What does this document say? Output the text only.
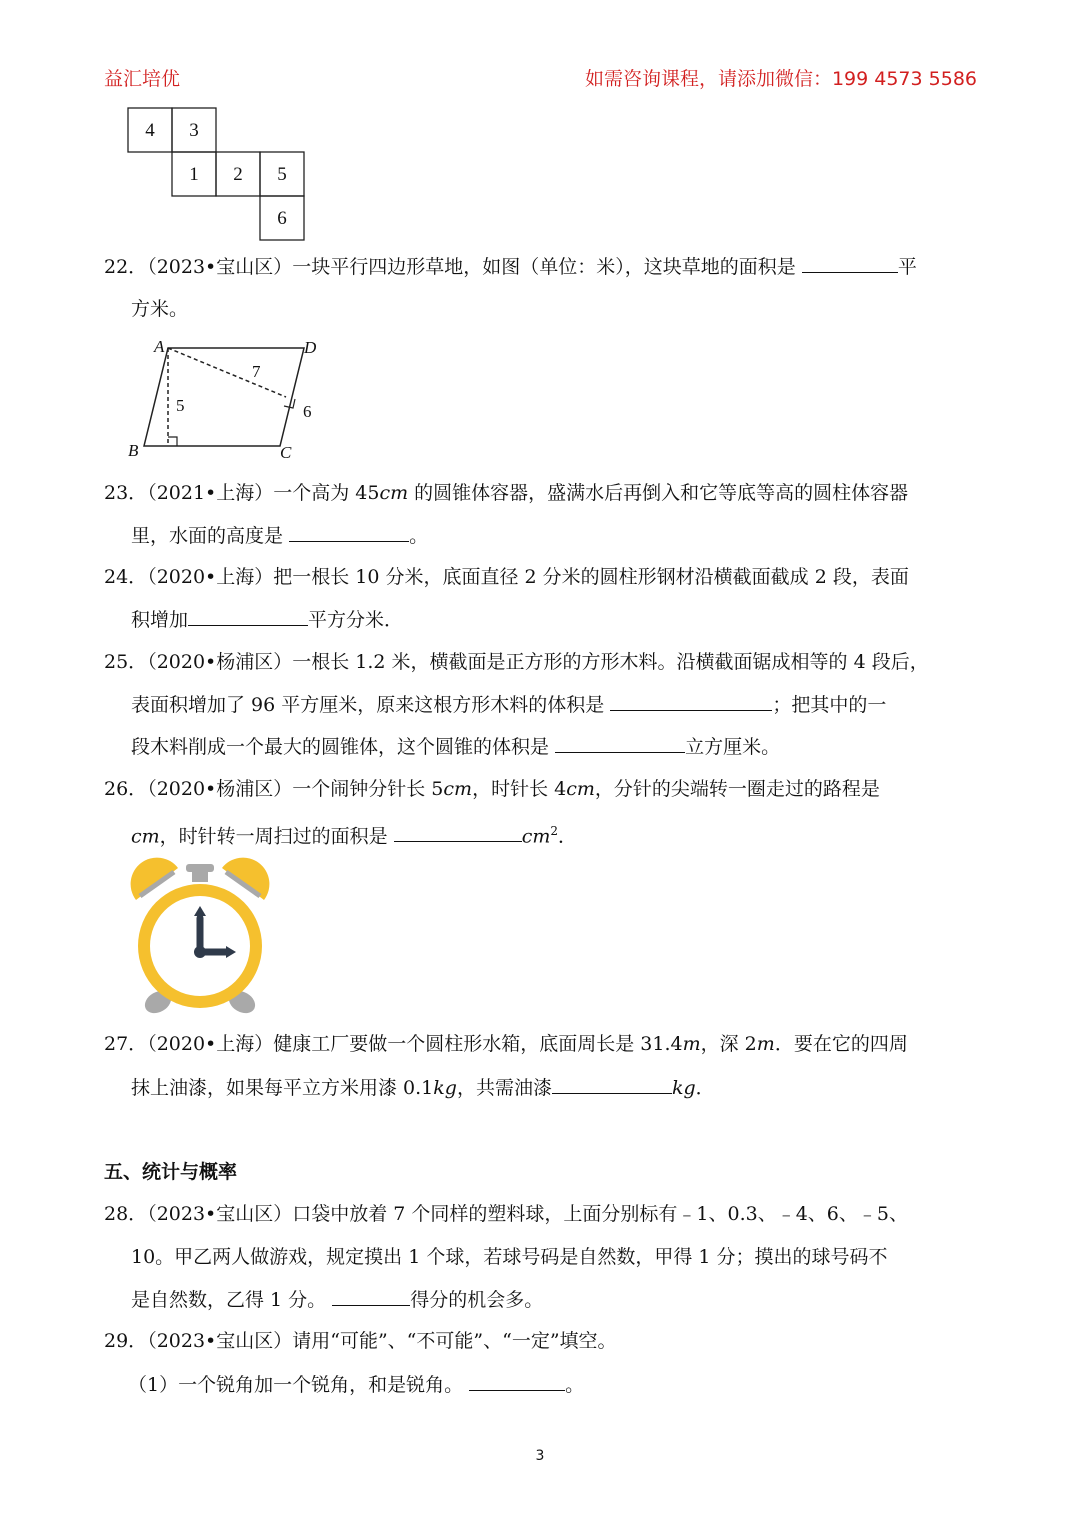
益汇培优	如需咨询课程，请添加微信：199 4573 5586
4 3
1 2 5
6
22．（2023•宝山区）一块平行四边形草地，如图（单位：米），这块草地的面积是	平
方米。
A	D
B	C
5
7
6
23．（2021•上海）一个高为 45cm 的圆锥体容器，盛满水后再倒入和它等底等高的圆柱体容器
里，水面的高度是	。
24．（2020•上海）把一根长 10 分米，底面直径 2 分米的圆柱形钢材沿横截面截成 2 段，表面
积增加	平方分米．
25．（2020•杨浦区）一根长 1.2 米，横截面是正方形的方形木料。沿横截面锯成相等的 4 段后，
表面积增加了 96 平方厘米，原来这根方形木料的体积是	；把其中的一
段木料削成一个最大的圆锥体，这个圆锥的体积是	立方厘米。
26．（2020•杨浦区）一个闹钟分针长 5cm，时针长 4cm，分针的尖端转一圈走过的路程是
cm，时针转一周扫过的面积是	$cm^2$．
27．（2020•上海）健康工厂要做一个圆柱形水箱，底面周长是 31.4m，深 2m．要在它的四周
抹上油漆，如果每平立方米用漆 0.1kg，共需油漆	kg．
五、统计与概率
28．（2023•宝山区）口袋中放着 7 个同样的塑料球，上面分别标有﹣1、0.3、﹣4、6、﹣5、
10。甲乙两人做游戏，规定摸出 1 个球，若球号码是自然数，甲得 1 分；摸出的球号码不
是自然数，乙得 1 分。	得分的机会多。
29．（2023•宝山区）请用“可能”、“不可能”、“一定”填空。
（1）一个锐角加一个锐角，和是锐角。	。
3
